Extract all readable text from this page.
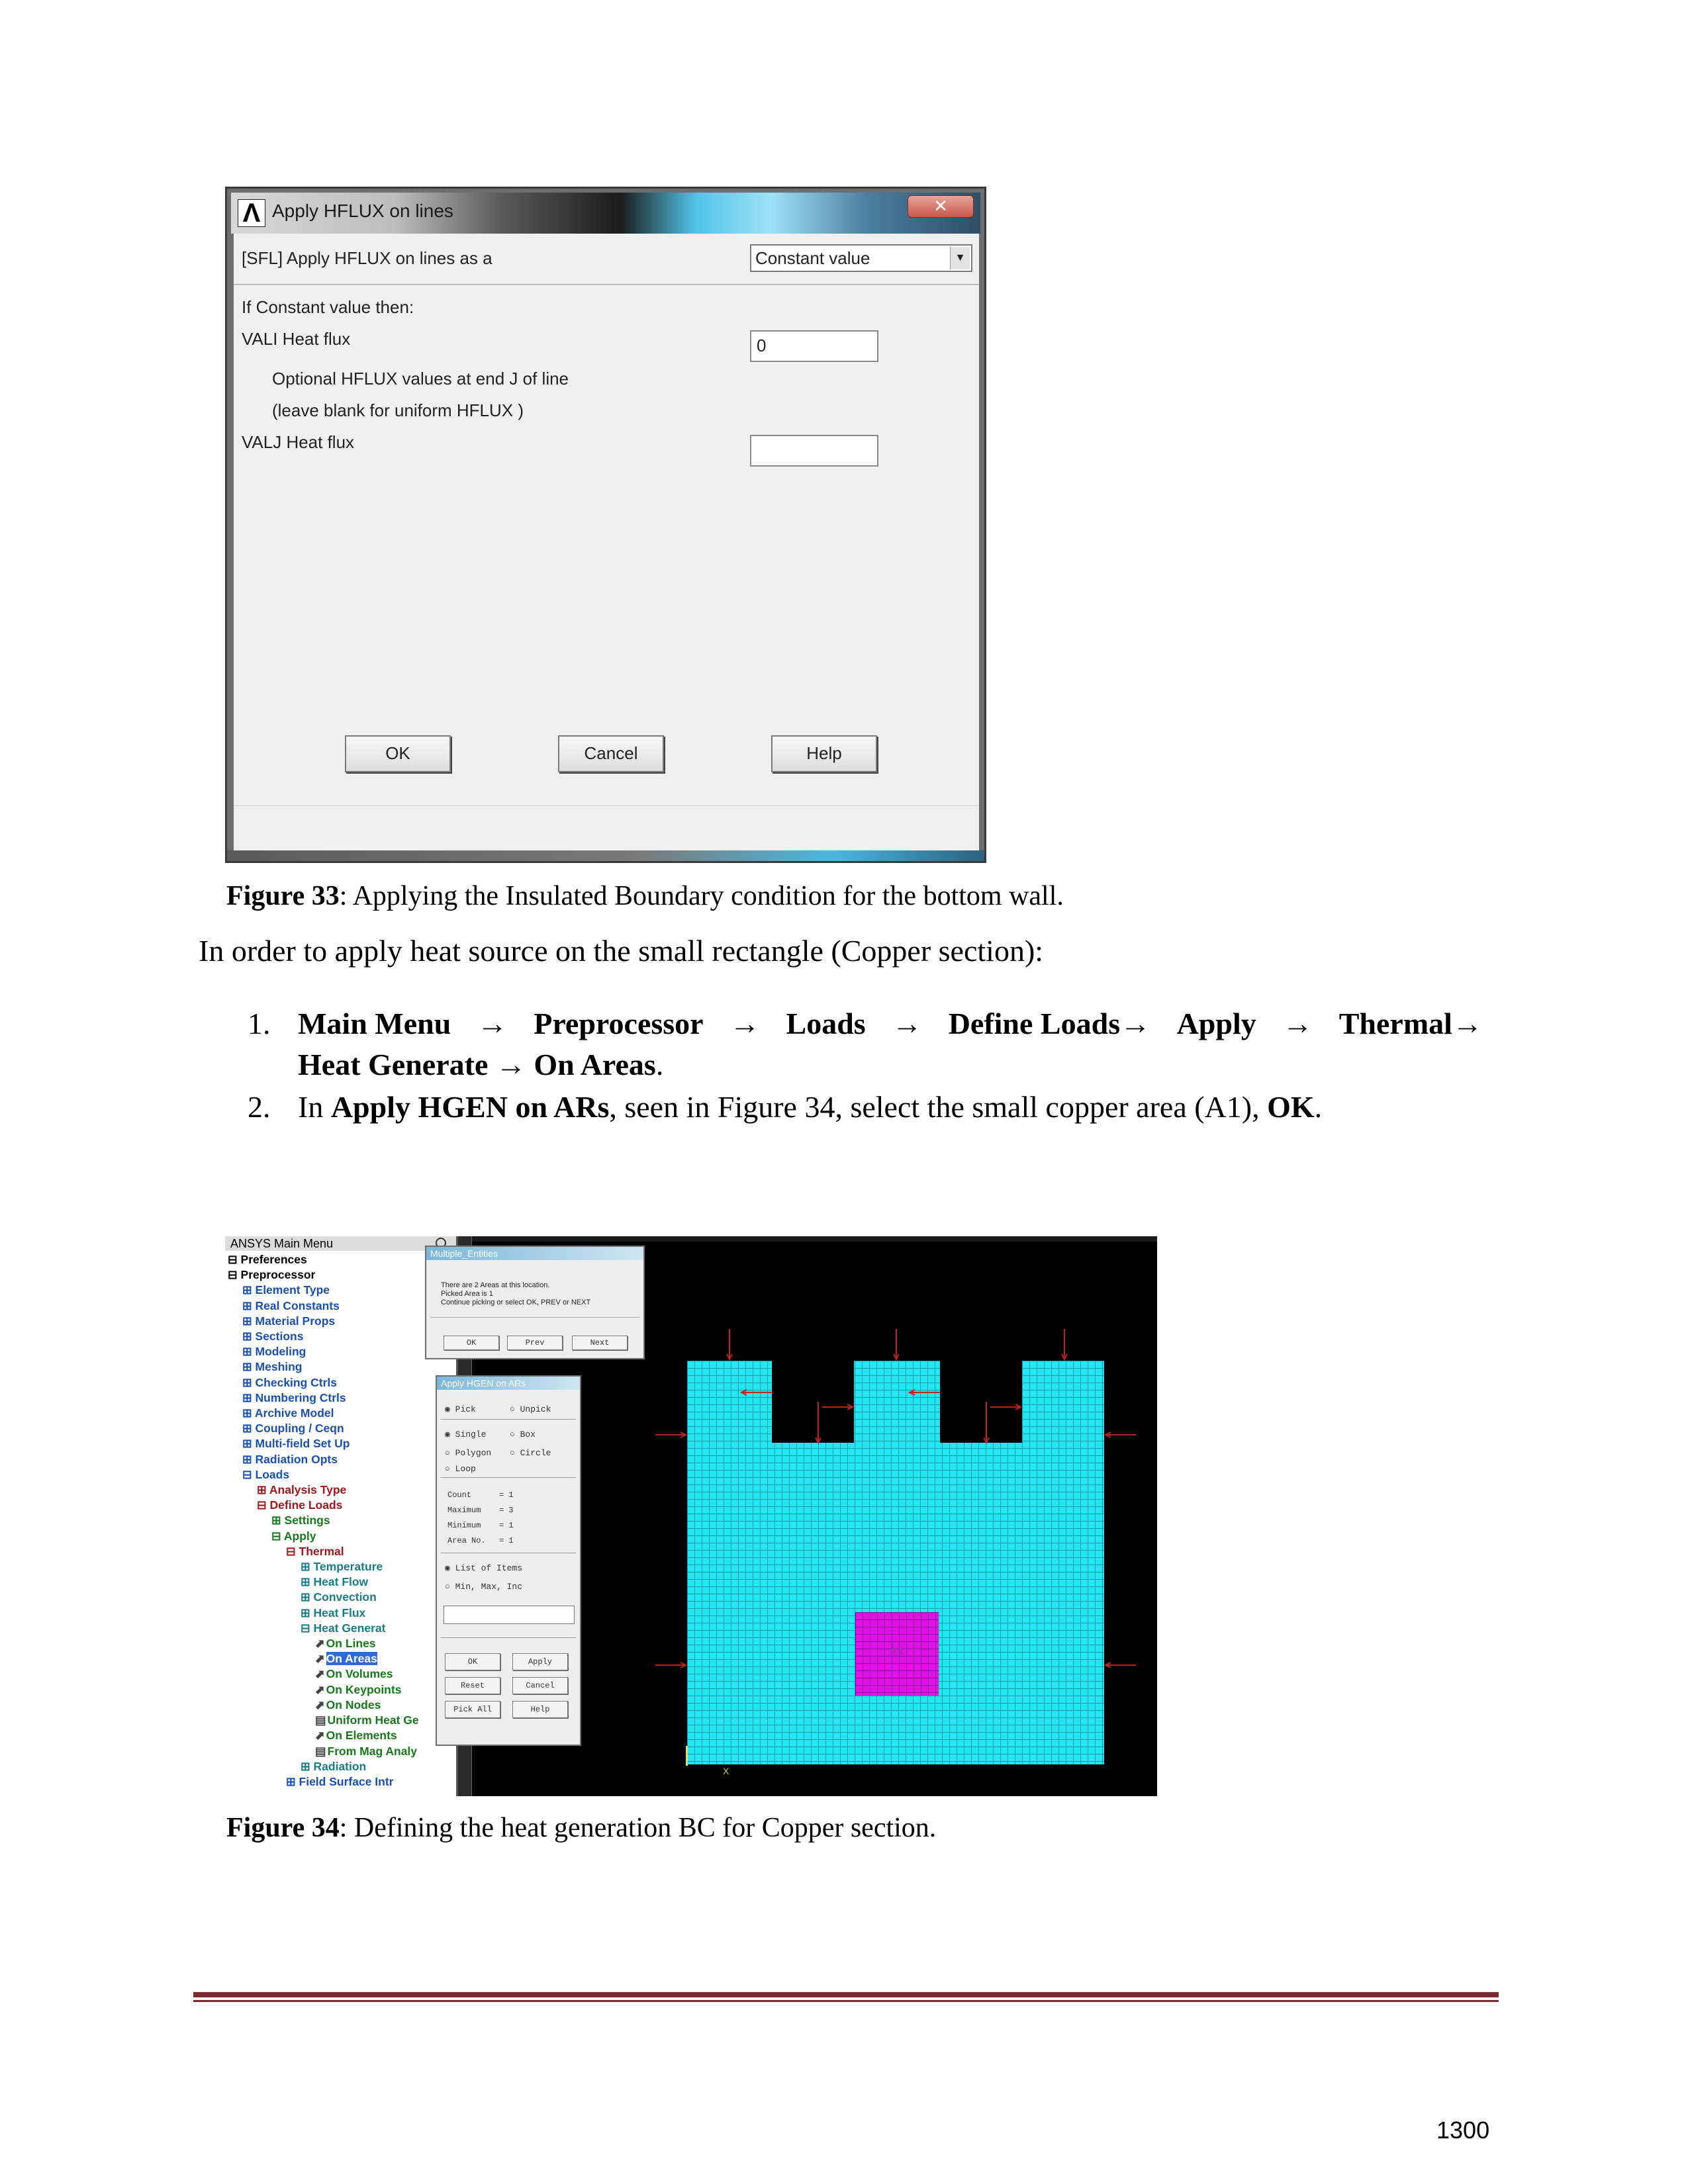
Λ Apply HFLUX on lines	✕
[SFL] Apply HFLUX on lines as a	Constant value	▼
If Constant value then:
VALI Heat flux	0
Optional HFLUX values at end J of line
(leave blank for uniform HFLUX )
VALJ Heat flux
OK	Cancel	Help
Figure 33: Applying the Insulated Boundary condition for the bottom wall.
In order to apply heat source on the small rectangle (Copper section):
1. Main Menu → Preprocessor → Loads → Define Loads→ Apply → Thermal→
Heat Generate → On Areas.
2. In Apply HGEN on ARs, seen in Figure 34, select the small copper area (A1), OK.
A1
X
ANSYS Main Menu
⊟ Preferences
⊟ Preprocessor
⊞ Element Type
⊞ Real Constants
⊞ Material Props
⊞ Sections
⊞ Modeling
⊞ Meshing
⊞ Checking Ctrls
⊞ Numbering Ctrls
⊞ Archive Model
⊞ Coupling / Ceqn
⊞ Multi-field Set Up
⊞ Radiation Opts
⊟ Loads
⊞ Analysis Type
⊟ Define Loads
⊞ Settings
⊟ Apply
⊟ Thermal
⊞ Temperature
⊞ Heat Flow
⊞ Convection
⊞ Heat Flux
⊟ Heat Generat
⬈ On Lines
⬈ On Areas
⬈ On Volumes
⬈ On Keypoints
⬈ On Nodes
▤ Uniform Heat Ge
⬈ On Elements
▤ From Mag Analy
⊞ Radiation
⊞ Field Surface Intr
Multiple_Entities
There are 2 Areas at this location.
Picked Area is 1
Continue picking or select OK, PREV or NEXT
OK	Prev	Next
Apply HGEN on ARs
◉ Pick	○ Unpick
◉ Single	○ Box
○ Polygon ○ Circle
○ Loop
Count	= 1
Maximum = 3
Minimum = 1
Area No. = 1
◉ List of Items
○ Min, Max, Inc
OK	Apply
Reset	Cancel
Pick All	Help
Figure 34: Defining the heat generation BC for Copper section.
1300
